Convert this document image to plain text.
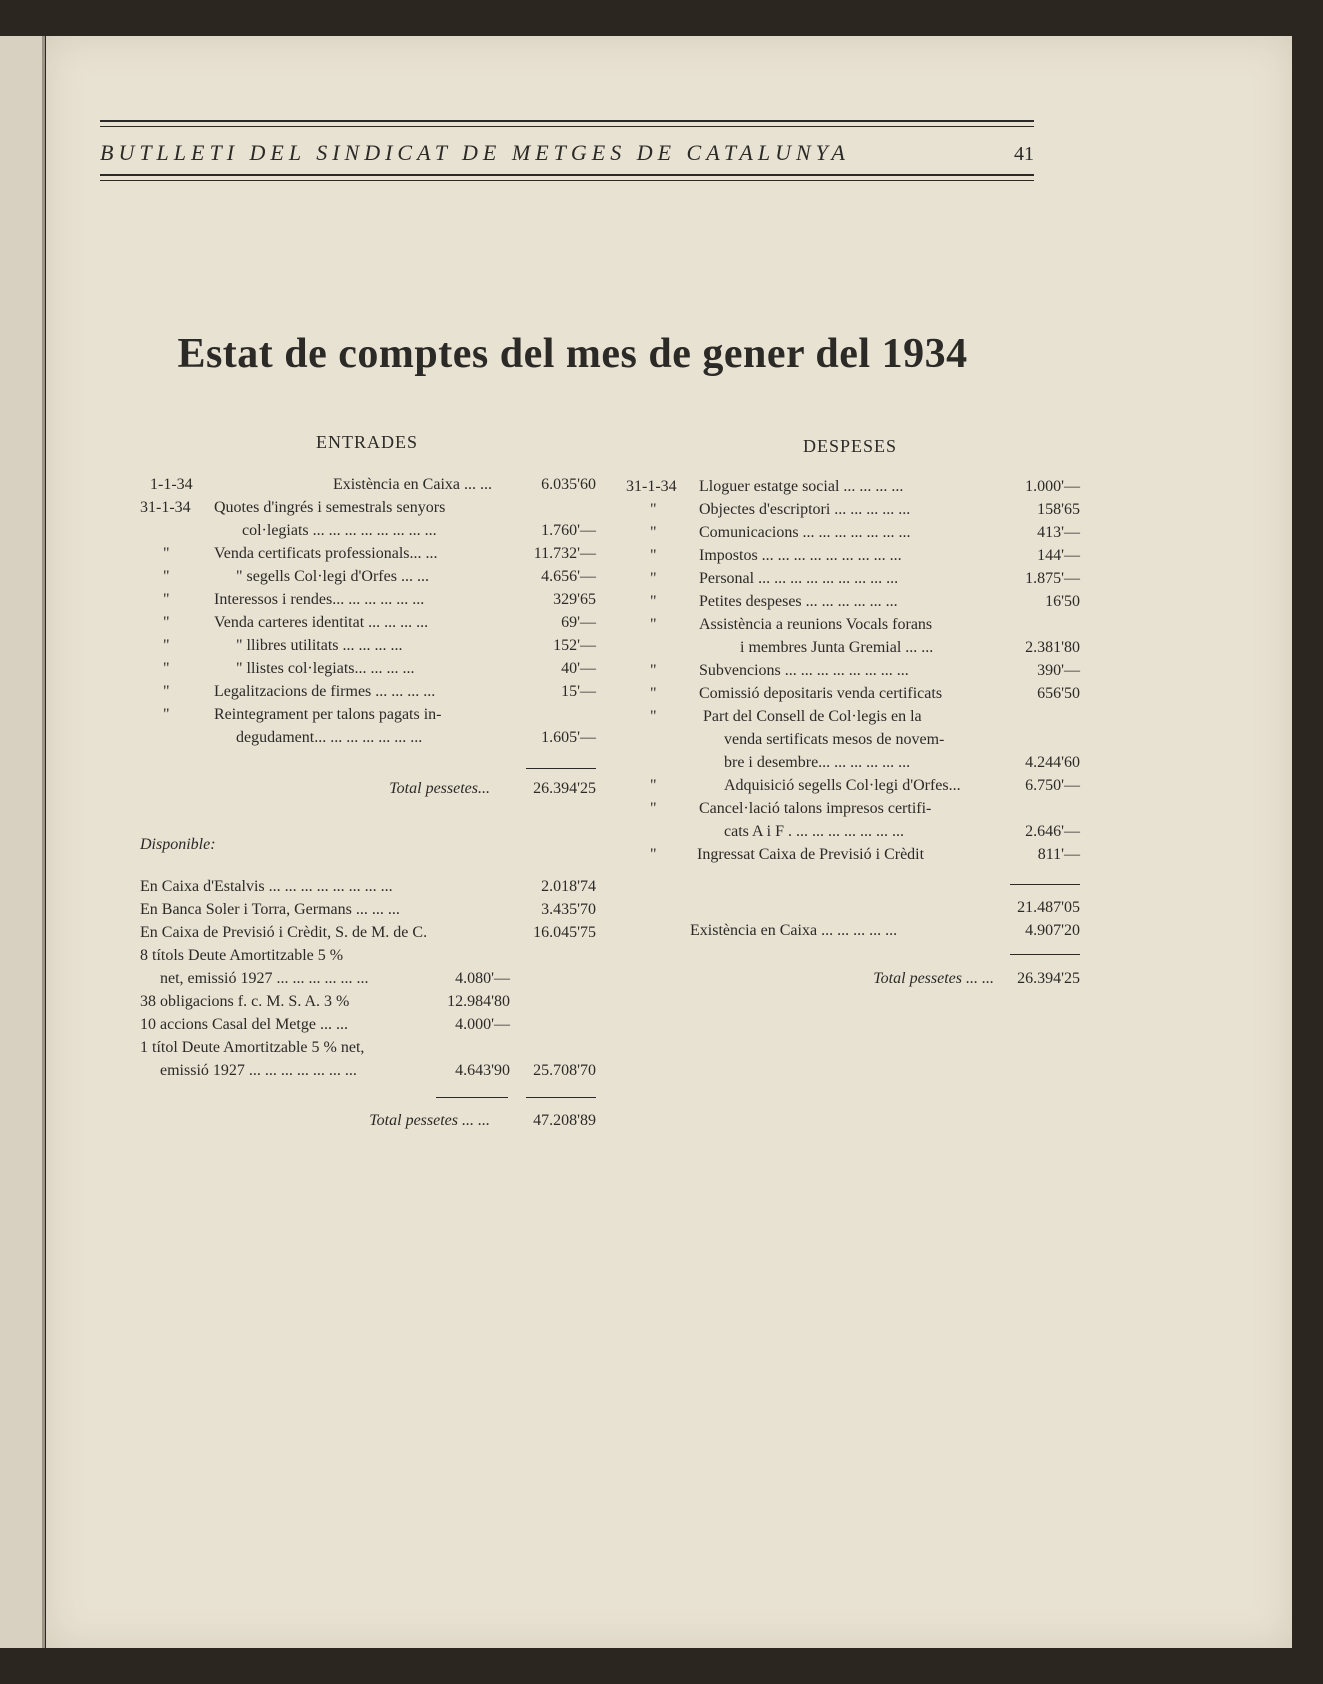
BUTLLETI DEL SINDICAT DE METGES DE CATALUNYA	41
Estat de comptes del mes de gener del 1934
ENTRADES
1-1-34	Existència en Caixa ... ...	6.035'60
31-1-34 Quotes d'ingrés i semestrals senyors
col·legiats ... ... ... ... ... ... ... ...	1.760'—
"	Venda certificats professionals... ...	11.732'—
"	" segells Col·legi d'Orfes ... ...	4.656'—
"	Interessos i rendes... ... ... ... ... ...	329'65
"	Venda carteres identitat ... ... ... ...	69'—
"	" llibres utilitats ... ... ... ...	152'—
"	" llistes col·legiats... ... ... ...	40'—
"	Legalitzacions de firmes ... ... ... ...	15'—
"	Reintegrament per talons pagats in-
degudament... ... ... ... ... ... ...	1.605'—
Total pessetes...	26.394'25
Disponible:
En Caixa d'Estalvis ... ... ... ... ... ... ... ...	2.018'74
En Banca Soler i Torra, Germans ... ... ...	3.435'70
En Caixa de Previsió i Crèdit, S. de M. de C.	16.045'75
8 títols Deute Amortitzable 5 %
net, emissió 1927 ... ... ... ... ... ...	4.080'—
38 obligacions f. c. M. S. A. 3 %	12.984'80
10 accions Casal del Metge ... ...	4.000'—
1 títol Deute Amortitzable 5 % net,
emissió 1927 ... ... ... ... ... ... ...	4.643'90	25.708'70
Total pessetes ... ...	47.208'89
DESPESES
31-1-34 Lloguer estatge social ... ... ... ...	1.000'—
"	Objectes d'escriptori ... ... ... ... ...	158'65
"	Comunicacions ... ... ... ... ... ... ...	413'—
"	Impostos ... ... ... ... ... ... ... ... ...	144'—
"	Personal ... ... ... ... ... ... ... ... ...	1.875'—
"	Petites despeses ... ... ... ... ... ...	16'50
"	Assistència a reunions Vocals forans
i membres Junta Gremial ... ...	2.381'80
"	Subvencions ... ... ... ... ... ... ... ...	390'—
"	Comissió depositaris venda certificats	656'50
"	Part del Consell de Col·legis en la
venda sertificats mesos de novem-
bre i desembre... ... ... ... ... ...	4.244'60
"	Adquisició segells Col·legi d'Orfes...	6.750'—
"	Cancel·lació talons impresos certifi-
cats A i F . ... ... ... ... ... ... ...	2.646'—
"	Ingressat Caixa de Previsió i Crèdit	811'—
21.487'05
Existència en Caixa ... ... ... ... ...	4.907'20
Total pessetes ... ...	26.394'25
